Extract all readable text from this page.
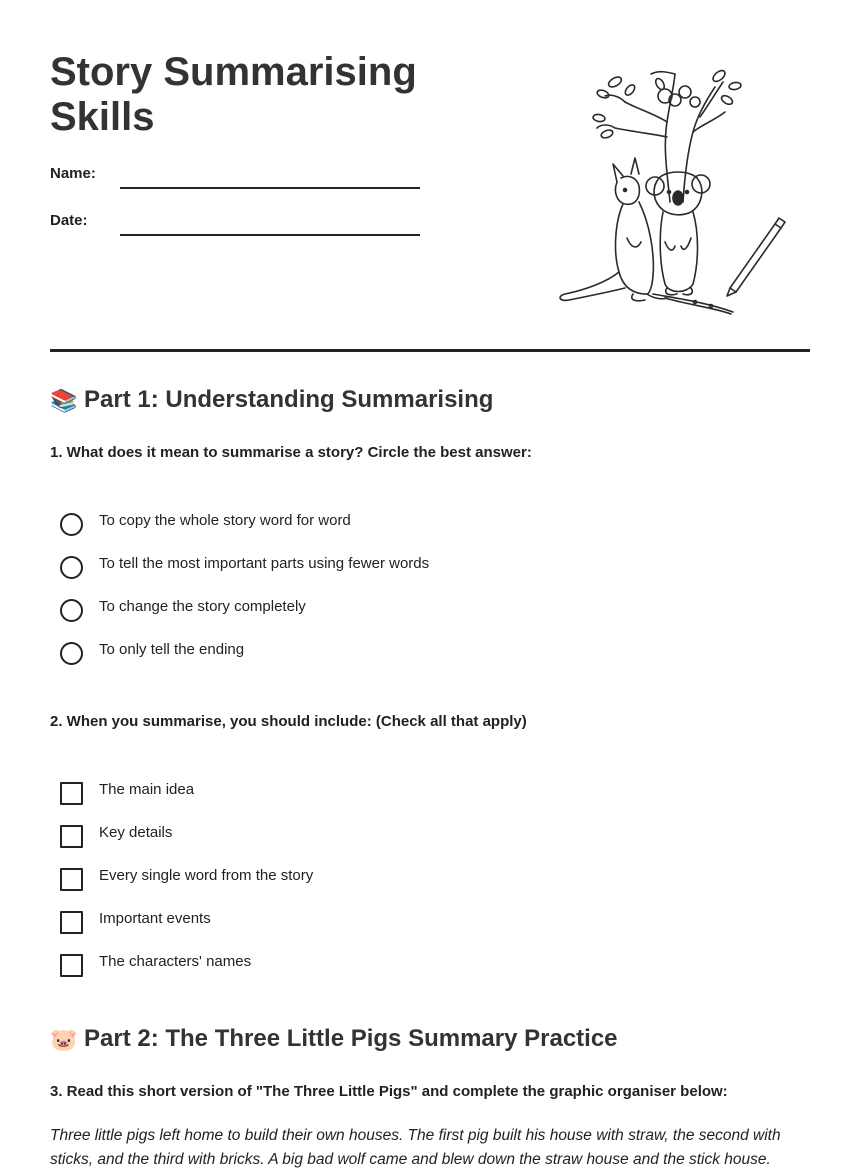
Story Summarising Skills
Name:
Date:
📚 Part 1: Understanding Summarising

1. What does it mean to summarise a story? Circle the best answer:

To copy the whole story word for word
To tell the most important parts using fewer words
To change the story completely
To only tell the ending

2. When you summarise, you should include: (Check all that apply)

The main idea
Key details
Every single word from the story
Important events
The characters' names
🐷 Part 2: The Three Little Pigs Summary Practice

3. Read this short version of "The Three Little Pigs" and complete the graphic organiser below:

Three little pigs left home to build their own houses. The first pig built his house with straw, the second with sticks, and the third with bricks. A big bad wolf came and blew down the straw house and the stick house.
